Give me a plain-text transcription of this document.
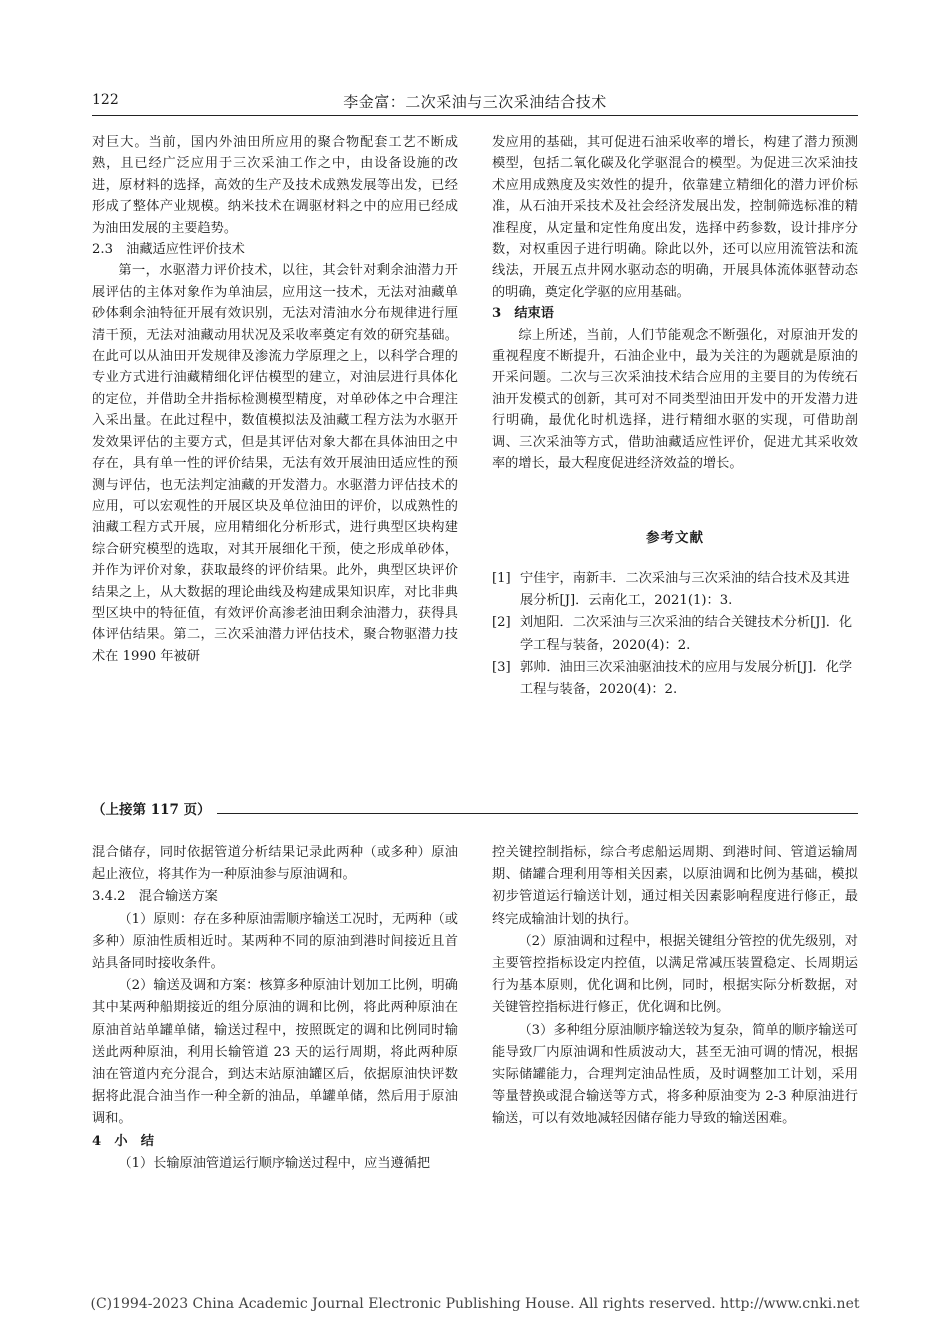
122	李金富：二次采油与三次采油结合技术

对巨大。当前，国内外油田所应用的聚合物配套工艺不断成熟，且已经广泛应用于三次采油工作之中，由设备设施的改进，原材料的选择，高效的生产及技术成熟发展等出发，已经形成了整体产业规模。纳米技术在调驱材料之中的应用已经成为油田发展的主要趋势。

2.3　油藏适应性评价技术

第一，水驱潜力评价技术，以往，其会针对剩余油潜力开展评估的主体对象作为单油层，应用这一技术，无法对油藏单砂体剩余油特征开展有效识别，无法对清油水分布规律进行厘清干预，无法对油藏动用状况及采收率奠定有效的研究基础。在此可以从油田开发规律及渗流力学原理之上，以科学合理的专业方式进行油藏精细化评估模型的建立，对油层进行具体化的定位，并借助全井指标检测模型精度，对单砂体之中合理注入采出量。在此过程中，数值模拟法及油藏工程方法为水驱开发效果评估的主要方式，但是其评估对象大都在具体油田之中存在，具有单一性的评价结果，无法有效开展油田适应性的预测与评估，也无法判定油藏的开发潜力。水驱潜力评估技术的应用，可以宏观性的开展区块及单位油田的评价，以成熟性的油藏工程方式开展，应用精细化分析形式，进行典型区块构建综合研究模型的选取，对其开展细化干预，使之形成单砂体，并作为评价对象，获取最终的评价结果。此外，典型区块评价结果之上，从大数据的理论曲线及构建成果知识库，对比非典型区块中的特征值，有效评价高渗老油田剩余油潜力，获得具体评估结果。第二，三次采油潜力评估技术，聚合物驱潜力技术在 1990 年被研

发应用的基础，其可促进石油采收率的增长，构建了潜力预测模型，包括二氧化碳及化学驱混合的模型。为促进三次采油技术应用成熟度及实效性的提升，依靠建立精细化的潜力评价标准，从石油开采技术及社会经济发展出发，控制筛选标准的精准程度，从定量和定性角度出发，选择中药参数，设计排序分数，对权重因子进行明确。除此以外，还可以应用流管法和流线法，开展五点井网水驱动态的明确，开展具体流体驱替动态的明确，奠定化学驱的应用基础。

3　结束语

综上所述，当前，人们节能观念不断强化，对原油开发的重视程度不断提升，石油企业中，最为关注的为题就是原油的开采问题。二次与三次采油技术结合应用的主要目的为传统石油开发模式的创新，其可对不同类型油田开发中的开发潜力进行明确，最优化时机选择，进行精细水驱的实现，可借助剖调、三次采油等方式，借助油藏适应性评价，促进尤其采收效率的增长，最大程度促进经济效益的增长。

参考文献
[1] 宁佳宇，南新丰．二次采油与三次采油的结合技术及其进展分析[J]．云南化工，2021(1)：3.
[2] 刘旭阳．二次采油与三次采油的结合关键技术分析[J]．化学工程与装备，2020(4)：2.
[3] 郭帅．油田三次采油驱油技术的应用与发展分析[J]．化学工程与装备，2020(4)：2.
（上接第 117 页）

混合储存，同时依据管道分析结果记录此两种（或多种）原油起止液位，将其作为一种原油参与原油调和。

3.4.2　混合输送方案

（1）原则：存在多种原油需顺序输送工况时，无两种（或多种）原油性质相近时。某两种不同的原油到港时间接近且首站具备同时接收条件。

（2）输送及调和方案：核算多种原油计划加工比例，明确其中某两种船期接近的组分原油的调和比例，将此两种原油在原油首站单罐单储，输送过程中，按照既定的调和比例同时输送此两种原油，利用长输管道 23 天的运行周期，将此两种原油在管道内充分混合，到达末站原油罐区后，依据原油快评数据将此混合油当作一种全新的油品，单罐单储，然后用于原油调和。

4　小　结

（1）长输原油管道运行顺序输送过程中，应当遵循把

控关键控制指标，综合考虑船运周期、到港时间、管道运输周期、储罐合理利用等相关因素，以原油调和比例为基础，模拟初步管道运行输送计划，通过相关因素影响程度进行修正，最终完成输油计划的执行。

（2）原油调和过程中，根据关键组分管控的优先级别，对主要管控指标设定内控值，以满足常减压装置稳定、长周期运行为基本原则，优化调和比例，同时，根据实际分析数据，对关键管控指标进行修正，优化调和比例。

（3）多种组分原油顺序输送较为复杂，简单的顺序输送可能导致厂内原油调和性质波动大，甚至无油可调的情况，根据实际储罐能力，合理判定油品性质，及时调整加工计划，采用等量替换或混合输送等方式，将多种原油变为 2-3 种原油进行输送，可以有效地减轻因储存能力导致的输送困难。

(C)1994-2023 China Academic Journal Electronic Publishing House. All rights reserved. http://www.cnki.net
